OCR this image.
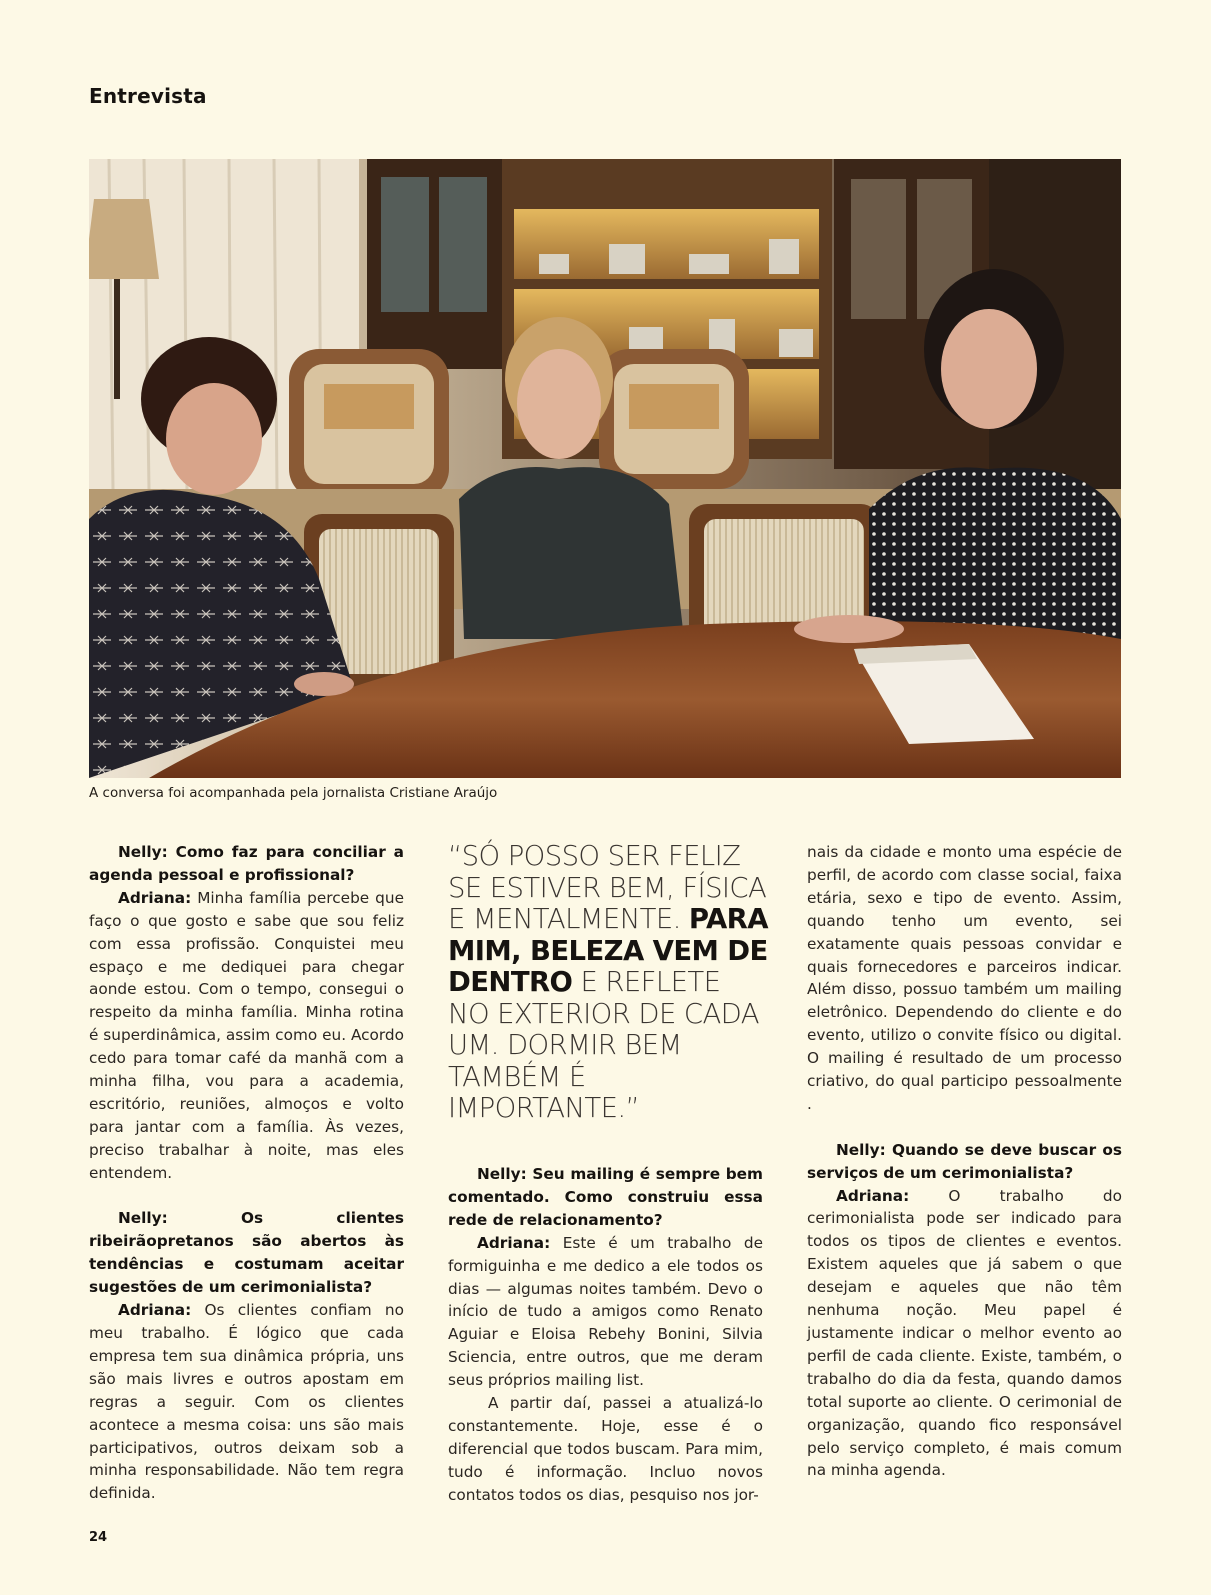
Entrevista
A conversa foi acompanhada pela jornalista Cristiane Araújo

Nelly: Como faz para conciliar a agenda pessoal e profissional?

Adriana: Minha família percebe que faço o que gosto e sabe que sou feliz com essa profissão. Conquistei meu espaço e me dediquei para chegar aonde estou. Com o tempo, consegui o respeito da minha família. Minha rotina é superdinâmica, assim como eu. Acordo cedo para tomar café da manhã com a minha filha, vou para a academia, escritório, reuniões, almoços e volto para jantar com a família. Às vezes, preciso trabalhar à noite, mas eles entendem.

Nelly: Os clientes ribeirãopretanos são abertos às tendências e costumam aceitar sugestões de um cerimonialista?

Adriana: Os clientes confiam no meu trabalho. É lógico que cada empresa tem sua dinâmica própria, uns são mais livres e outros apostam em regras a seguir. Com os clientes acontece a mesma coisa: uns são mais participativos, outros deixam sob a minha responsabilidade. Não tem regra definida.

“SÓ POSSO SER FELIZ SE ESTIVER BEM, FÍSICA E MENTALMENTE. PARA MIM, BELEZA VEM DE DENTRO E REFLETE NO EXTERIOR DE CADA UM. DORMIR BEM TAMBÉM É IMPORTANTE.”

Nelly: Seu mailing é sempre bem comentado. Como construiu essa rede de relacionamento?

Adriana: Este é um trabalho de formiguinha e me dedico a ele todos os dias — algumas noites também. Devo o início de tudo a amigos como Renato Aguiar e Eloisa Rebehy Bonini, Silvia Sciencia, entre outros, que me deram seus próprios mailing list.

A partir daí, passei a atualizá-lo constantemente. Hoje, esse é o diferencial que todos buscam. Para mim, tudo é informação. Incluo novos contatos todos os dias, pesquiso nos jor-

nais da cidade e monto uma espécie de perfil, de acordo com classe social, faixa etária, sexo e tipo de evento. Assim, quando tenho um evento, sei exatamente quais pessoas convidar e quais fornecedores e parceiros indicar. Além disso, possuo também um mailing eletrônico. Dependendo do cliente e do evento, utilizo o convite físico ou digital. O mailing é resultado de um processo criativo, do qual participo pessoalmente .

Nelly: Quando se deve buscar os serviços de um cerimonialista?

Adriana: O trabalho do cerimonialista pode ser indicado para todos os tipos de clientes e eventos. Existem aqueles que já sabem o que desejam e aqueles que não têm nenhuma noção. Meu papel é justamente indicar o melhor evento ao perfil de cada cliente. Existe, também, o trabalho do dia da festa, quando damos total suporte ao cliente. O cerimonial de organização, quando fico responsável pelo serviço completo, é mais comum na minha agenda.

24
